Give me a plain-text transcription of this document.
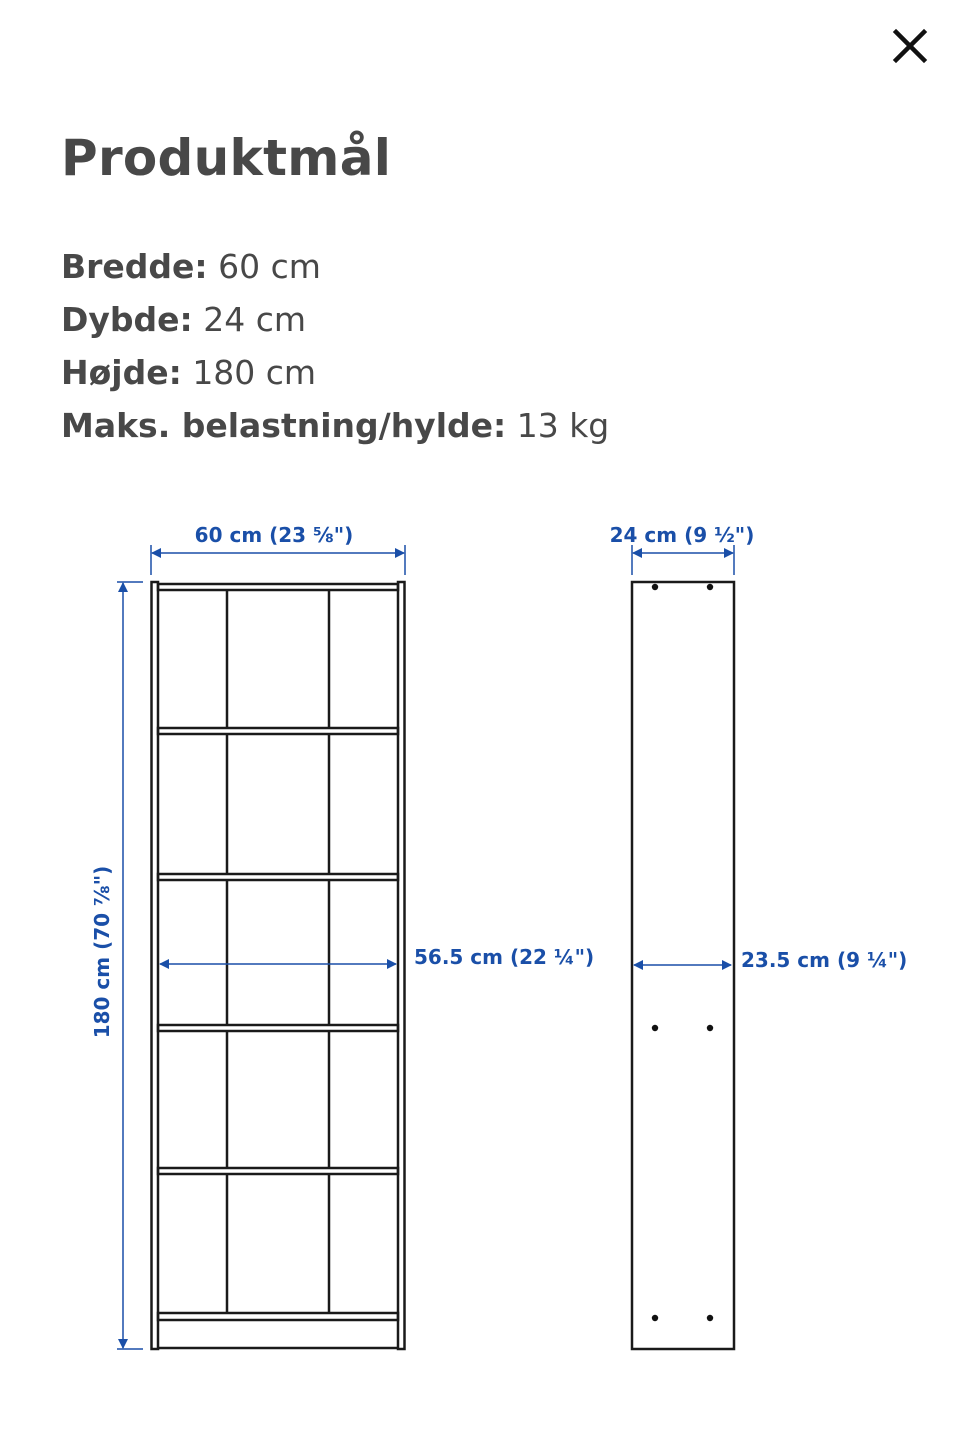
Produktmål
Bredde: 60 cm
Dybde: 24 cm
Højde: 180 cm
Maks. belastning/hylde: 13 kg
60 cm (23 ⅝")
180 cm (70 ⅞")	56.5 cm (22 ¼")
24 cm (9 ½")
23.5 cm (9 ¼")
